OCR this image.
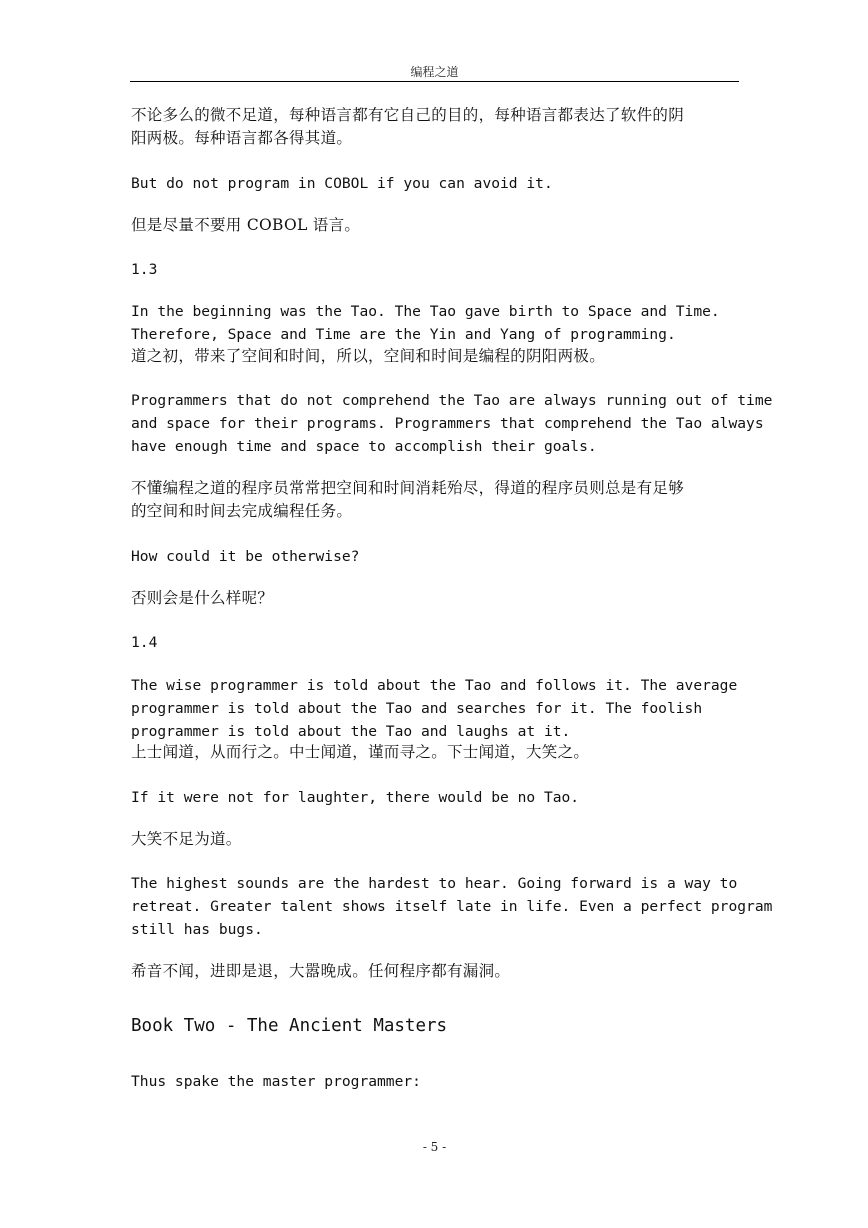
编程之道
不论多么的微不足道，每种语言都有它自己的目的，每种语言都表达了软件的阴
阳两极。每种语言都各得其道。
But do not program in COBOL if you can avoid it.
但是尽量不要用 COBOL 语言。
1.3
In the beginning was the Tao. The Tao gave birth to Space and Time.
Therefore, Space and Time are the Yin and Yang of programming.
道之初，带来了空间和时间，所以，空间和时间是编程的阴阳两极。
Programmers that do not comprehend the Tao are always running out of time
and space for their programs. Programmers that comprehend the Tao always
have enough time and space to accomplish their goals.
不懂编程之道的程序员常常把空间和时间消耗殆尽，得道的程序员则总是有足够
的空间和时间去完成编程任务。
How could it be otherwise?
否则会是什么样呢？
1.4
The wise programmer is told about the Tao and follows it. The average
programmer is told about the Tao and searches for it. The foolish
programmer is told about the Tao and laughs at it.
上士闻道，从而行之。中士闻道，谨而寻之。下士闻道，大笑之。
If it were not for laughter, there would be no Tao.
大笑不足为道。
The highest sounds are the hardest to hear. Going forward is a way to
retreat. Greater talent shows itself late in life. Even a perfect program
still has bugs.
希音不闻，进即是退，大嚣晚成。任何程序都有漏洞。
Book Two - The Ancient Masters
Thus spake the master programmer:
- 5 -
